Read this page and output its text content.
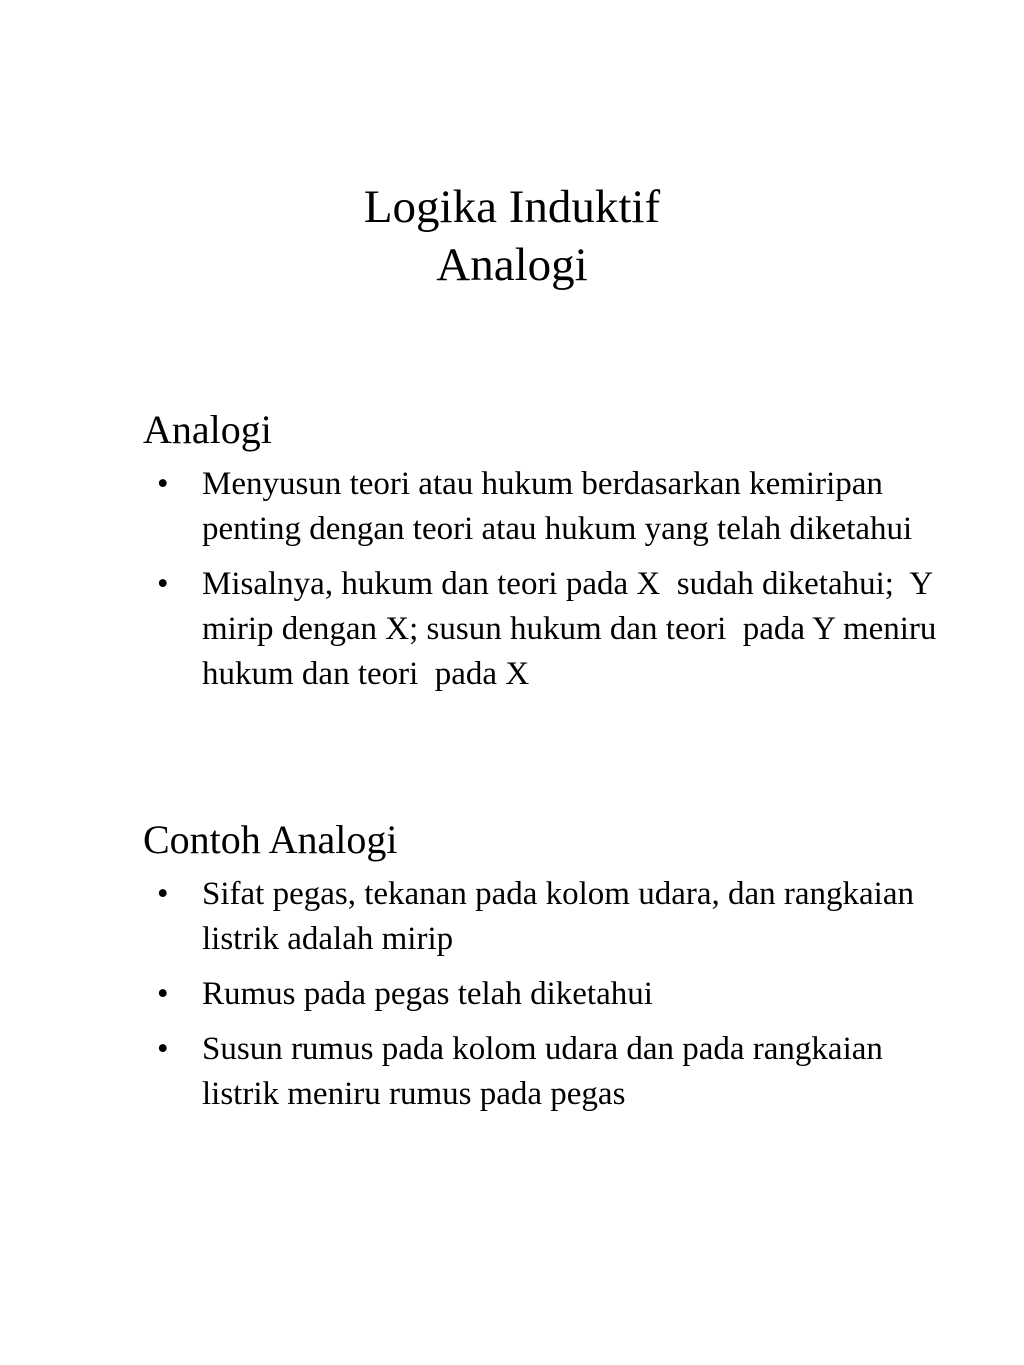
Logika Induktif
Analogi
Analogi
• Menyusun teori atau hukum berdasarkan kemiripan penting dengan teori atau hukum yang telah diketahui
• Misalnya, hukum dan teori pada X  sudah diketahui;  Y mirip dengan X; susun hukum dan teori  pada Y meniru hukum dan teori  pada X
Contoh Analogi
• Sifat pegas, tekanan pada kolom udara, dan rangkaian listrik adalah mirip
• Rumus pada pegas telah diketahui
• Susun rumus pada kolom udara dan pada rangkaian listrik meniru rumus pada pegas
